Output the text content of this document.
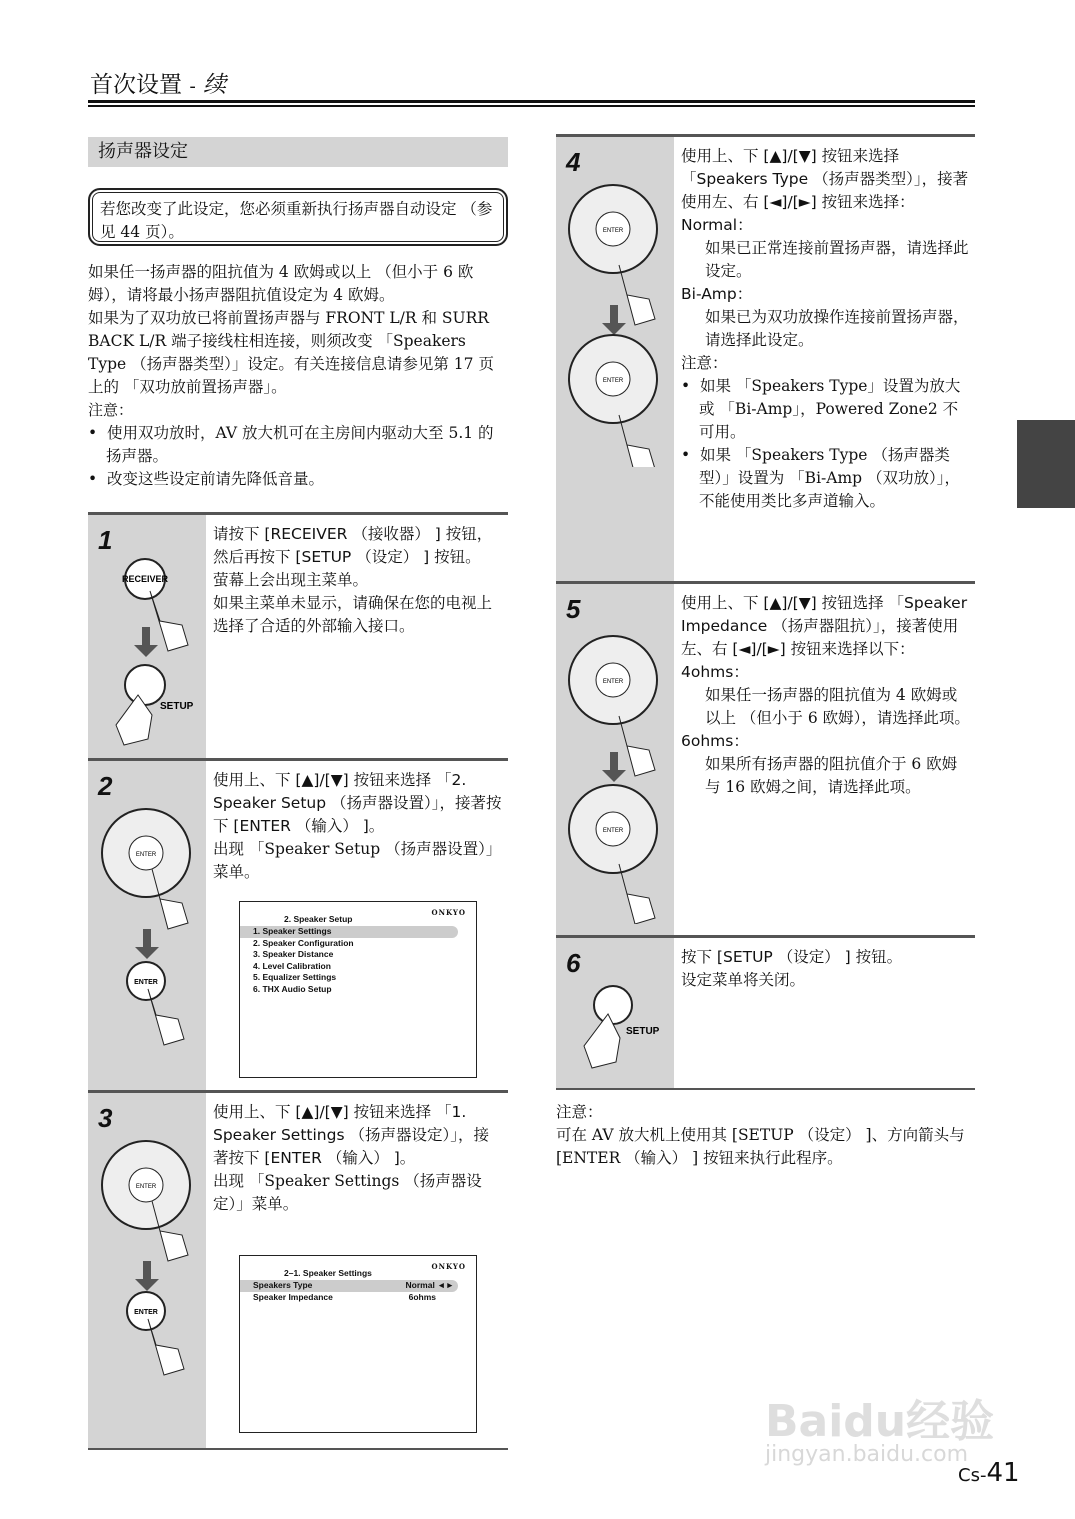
首次设置 - 续
扬声器设定
若您改变了此设定，您必须重新执行扬声器自动设定 （参见 44 页）。
如果任一扬声器的阻抗值为 4 欧姆或以上 （但小于 6 欧姆），请将最小扬声器阻抗值设定为 4 欧姆。
如果为了双功放已将前置扬声器与 FRONT L/R 和 SURR BACK L/R 端子接线柱相连接，则须改变 「Speakers Type （扬声器类型）」设定。有关连接信息请参见第 17 页上的 「双功放前置扬声器」。
注意：
•  使用双功放时，AV 放大机可在主房间内驱动大至 5.1 的扬声器。
•  改变这些设定前请先降低音量。
1
RECEIVER
SETUP
请按下 [RECEIVER （接收器） ] 按钮，然后再按下 [SETUP （设定） ] 按钮。
萤幕上会出现主菜单。
如果主菜单未显示，请确保在您的电视上选择了合适的外部输入接口。
2
ENTER
ENTER
使用上、下 [▲]/[▼] 按钮来选择 「2. Speaker Setup （扬声器设置）」，接著按下 [ENTER （输入） ]。
出现 「Speaker Setup （扬声器设置）」菜单。
ONKYO
2. Speaker Setup
1. Speaker Settings
2. Speaker Configuration
3. Speaker Distance
4. Level Calibration
5. Equalizer Settings
6. THX Audio Setup
3
ENTER
ENTER
使用上、下 [▲]/[▼] 按钮来选择 「1. Speaker Settings （扬声器设定）」，接著按下 [ENTER （输入） ]。
出现 「Speaker Settings （扬声器设定）」菜单。
ONKYO
2–1. Speaker Settings
Speakers Type	Normal ◄►
Speaker Impedance	6ohms
4
ENTER
ENTER
使用上、下 [▲]/[▼] 按钮来选择 「Speakers Type （扬声器类型）」，接著使用左、右 [◄]/[►] 按钮来选择：
Normal：
如果已正常连接前置扬声器，请选择此设定。
Bi-Amp：
如果已为双功放操作连接前置扬声器，请选择此设定。
注意：
•  如果 「Speakers Type」设置为放大或 「Bi-Amp」，Powered Zone2 不可用。
•  如果 「Speakers Type （扬声器类型）」设置为 「Bi-Amp （双功放）」，不能使用类比多声道输入。
5
ENTER
ENTER
使用上、下 [▲]/[▼] 按钮选择 「Speaker Impedance （扬声器阻抗）」，接著使用左、右 [◄]/[►] 按钮来选择以下：
4ohms：
如果任一扬声器的阻抗值为 4 欧姆或以上 （但小于 6 欧姆），请选择此项。
6ohms：
如果所有扬声器的阻抗值介于 6 欧姆与 16 欧姆之间，请选择此项。
6
SETUP
按下 [SETUP （设定） ] 按钮。
设定菜单将关闭。
注意：
可在 AV 放大机上使用其 [SETUP （设定） ]、方向箭头与 [ENTER （输入） ] 按钮来执行此程序。
Baidu经验
jingyan.baidu.com
Cs-41
